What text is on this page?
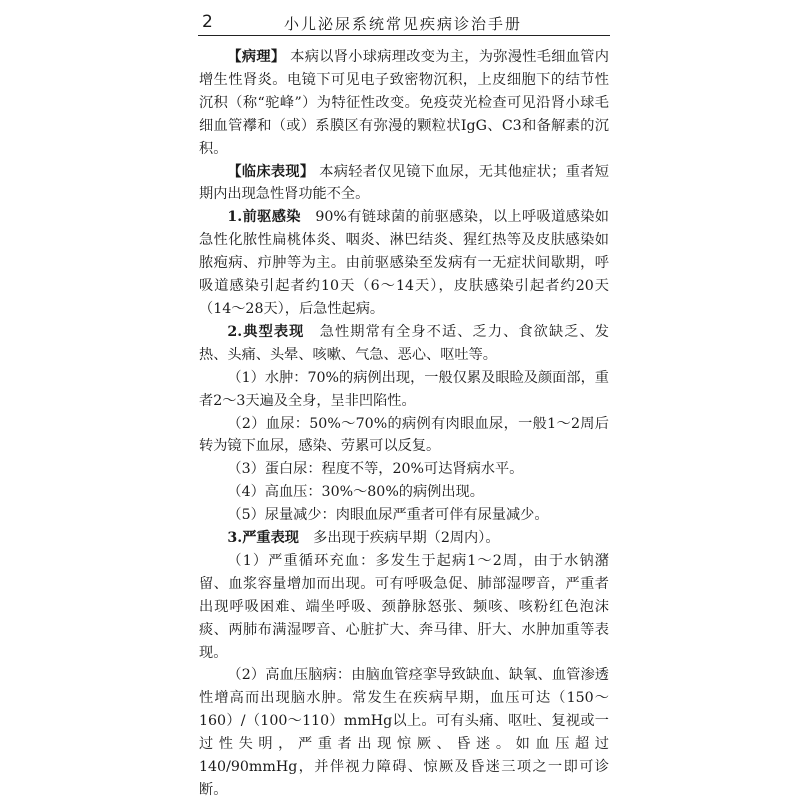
2	小儿泌尿系统常见疾病诊治手册

【病理】 本病以肾小球病理改变为主，为弥漫性毛细血管内增生性肾炎。电镜下可见电子致密物沉积，上皮细胞下的结节性沉积（称“驼峰”）为特征性改变。免疫荧光检查可见沿肾小球毛细血管襻和（或）系膜区有弥漫的颗粒状IgG、C3和备解素的沉积。

【临床表现】 本病轻者仅见镜下血尿，无其他症状；重者短期内出现急性肾功能不全。

1.前驱感染　 90%有链球菌的前驱感染，以上呼吸道感染如急性化脓性扁桃体炎、咽炎、淋巴结炎、猩红热等及皮肤感染如脓疱病、疖肿等为主。由前驱感染至发病有一无症状间歇期，呼吸道感染引起者约10天（6～14天），皮肤感染引起者约20天（14～28天），后急性起病。

2.典型表现　 急性期常有全身不适、乏力、食欲缺乏、发热、头痛、头晕、咳嗽、气急、恶心、呕吐等。

（1）水肿：70%的病例出现，一般仅累及眼睑及颜面部，重者2～3天遍及全身，呈非凹陷性。

（2）血尿：50%～70%的病例有肉眼血尿，一般1～2周后转为镜下血尿，感染、劳累可以反复。

（3）蛋白尿：程度不等，20%可达肾病水平。

（4）高血压：30%～80%的病例出现。

（5）尿量减少：肉眼血尿严重者可伴有尿量减少。

3.严重表现　 多出现于疾病早期（2周内）。

（1）严重循环充血：多发生于起病1～2周，由于水钠潴留、血浆容量增加而出现。可有呼吸急促、肺部湿啰音，严重者出现呼吸困难、端坐呼吸、颈静脉怒张、频咳、咳粉红色泡沫痰、两肺布满湿啰音、心脏扩大、奔马律、肝大、水肿加重等表现。

（2）高血压脑病：由脑血管痉挛导致缺血、缺氧、血管渗透性增高而出现脑水肿。常发生在疾病早期，血压可达（150～160）/（100～110）mmHg以上。可有头痛、呕吐、复视或一过性失明，严重者出现惊厥、昏迷。如血压超过140/90mmHg，并伴视力障碍、惊厥及昏迷三项之一即可诊断。
